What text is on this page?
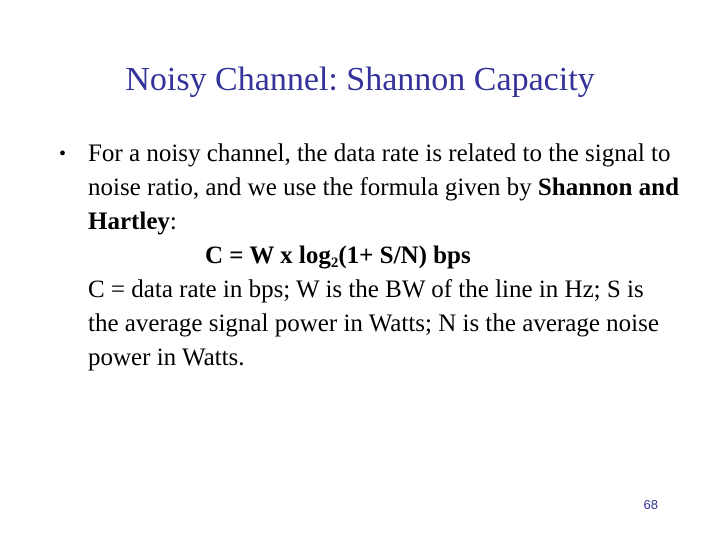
Noisy Channel: Shannon Capacity
• For a noisy channel, the data rate is related to the signal to noise ratio, and we use the formula given by Shannon and Hartley:
C = W x $\log_2(1+ S/N)$ bps
C = data rate in bps; W is the BW of the line in Hz; S is the average signal power in Watts; N is the average noise power in Watts.
68
